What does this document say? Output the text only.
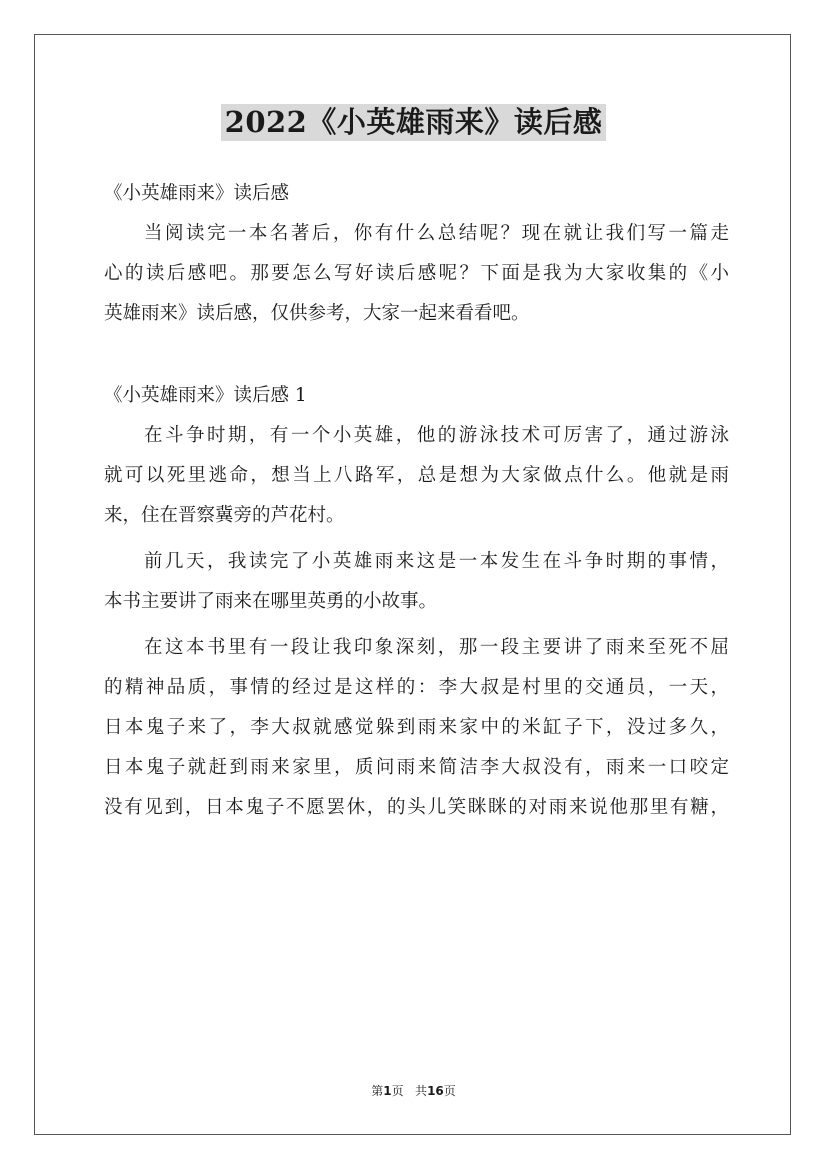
2022《小英雄雨来》读后感
《小英雄雨来》读后感
当阅读完一本名著后，你有什么总结呢？现在就让我们写一篇走
心的读后感吧。那要怎么写好读后感呢？下面是我为大家收集的《小
英雄雨来》读后感，仅供参考，大家一起来看看吧。
《小英雄雨来》读后感 1
在斗争时期，有一个小英雄，他的游泳技术可厉害了，通过游泳
就可以死里逃命，想当上八路军，总是想为大家做点什么。他就是雨
来，住在晋察冀旁的芦花村。
前几天，我读完了小英雄雨来这是一本发生在斗争时期的事情，
本书主要讲了雨来在哪里英勇的小故事。
在这本书里有一段让我印象深刻，那一段主要讲了雨来至死不屈
的精神品质，事情的经过是这样的：李大叔是村里的交通员，一天，
日本鬼子来了，李大叔就感觉躲到雨来家中的米缸子下，没过多久，
日本鬼子就赶到雨来家里，质问雨来简洁李大叔没有，雨来一口咬定
没有见到，日本鬼子不愿罢休，的头儿笑眯眯的对雨来说他那里有糖，
第1页 共16页
